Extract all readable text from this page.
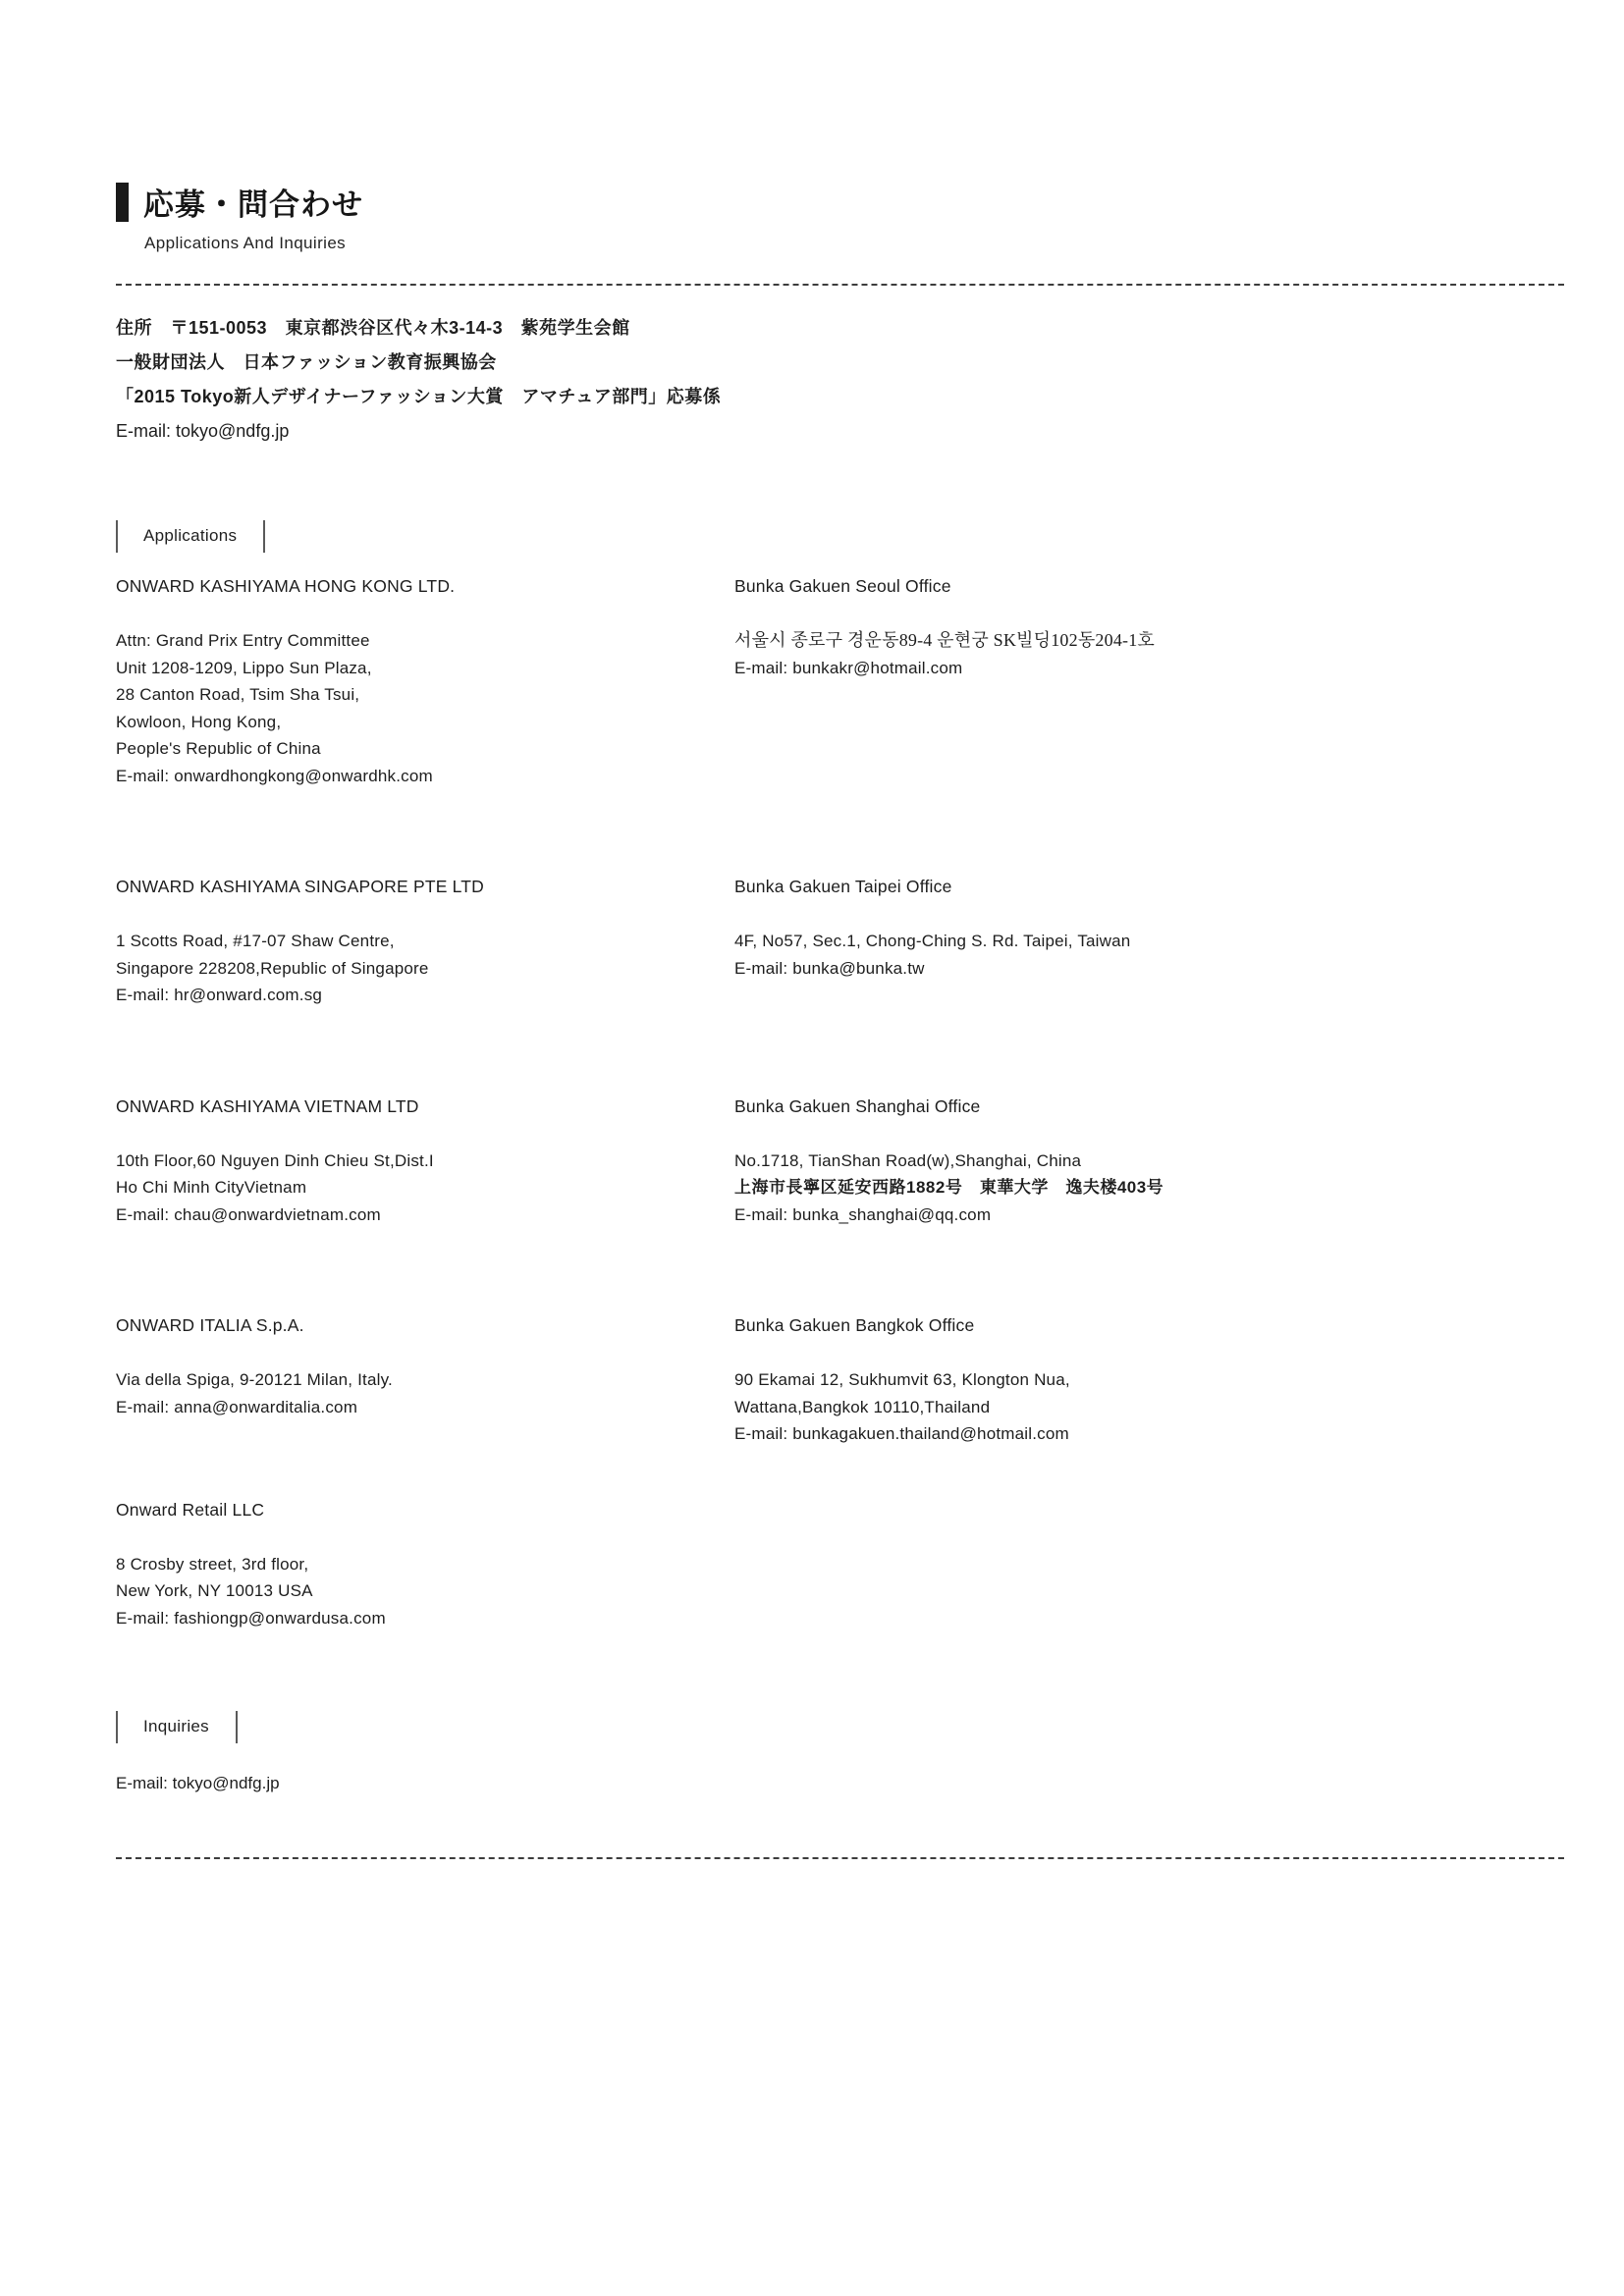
応募・問合わせ
Applications And Inquiries

住所　〒151-0053　東京都渋谷区代々木3-14-3　紫苑学生会館

一般財団法人　日本ファッション教育振興協会

「2015 Tokyo新人デザイナーファッション大賞　アマチュア部門」応募係

E-mail: tokyo@ndfg.jp

Applications
ONWARD KASHIYAMA HONG KONG LTD.
Attn: Grand Prix Entry Committee
Unit 1208-1209, Lippo Sun Plaza,
28 Canton Road, Tsim Sha Tsui,
Kowloon, Hong Kong,
People's Republic of China
E-mail: onwardhongkong@onwardhk.com
Bunka Gakuen Seoul Office
서울시 종로구 경운동89-4 운현궁 SK빌딩102동204-1호
E-mail: bunkakr@hotmail.com
ONWARD KASHIYAMA SINGAPORE PTE LTD
1 Scotts Road, #17-07 Shaw Centre,
Singapore 228208,Republic of Singapore
E-mail: hr@onward.com.sg
Bunka Gakuen Taipei Office
4F, No57, Sec.1, Chong-Ching S. Rd. Taipei, Taiwan
E-mail: bunka@bunka.tw
ONWARD KASHIYAMA VIETNAM LTD
10th Floor,60 Nguyen Dinh Chieu St,Dist.I
Ho Chi Minh CityVietnam
E-mail: chau@onwardvietnam.com
Bunka Gakuen Shanghai Office
No.1718, TianShan Road(w),Shanghai, China
上海市長寧区延安西路1882号　東華大学　逸夫楼403号
E-mail: bunka_shanghai@qq.com
ONWARD ITALIA S.p.A.
Via della Spiga, 9-20121 Milan, Italy.
E-mail: anna@onwarditalia.com
Bunka Gakuen Bangkok Office
90 Ekamai 12, Sukhumvit 63, Klongton Nua,
Wattana,Bangkok 10110,Thailand
E-mail: bunkagakuen.thailand@hotmail.com
Onward Retail LLC
8 Crosby street, 3rd floor,
New York, NY 10013 USA
E-mail: fashiongp@onwardusa.com
Inquiries

E-mail: tokyo@ndfg.jp
